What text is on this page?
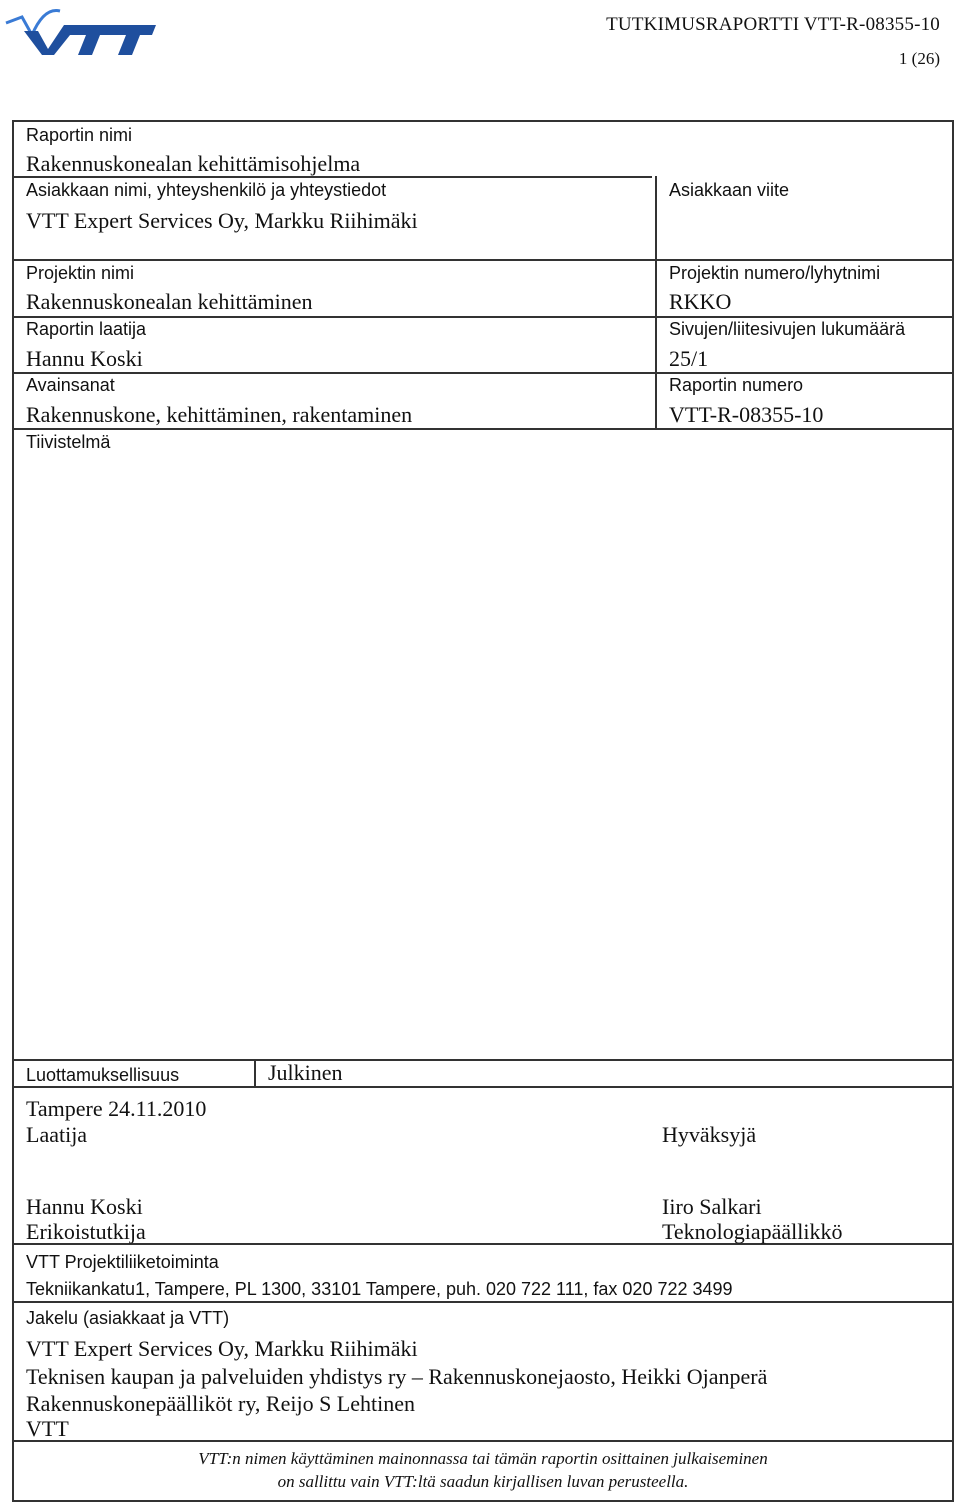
TUTKIMUSRAPORTTI VTT-R-08355-10
1 (26)
Raportin nimi
Rakennuskonealan kehittämisohjelma
Asiakkaan nimi, yhteyshenkilö ja yhteystiedot
VTT Expert Services Oy, Markku Riihimäki
Asiakkaan viite
Projektin nimi
Rakennuskonealan kehittäminen
Projektin numero/lyhytnimi
RKKO
Raportin laatija
Hannu Koski
Sivujen/liitesivujen lukumäärä
25/1
Avainsanat
Rakennuskone, kehittäminen, rakentaminen
Raportin numero
VTT-R-08355-10
Tiivistelmä
Luottamuksellisuus	Julkinen
Tampere 24.11.2010
Laatija	Hyväksyjä
Hannu Koski
Erikoistutkija
Iiro Salkari
Teknologiapäällikkö
VTT Projektiliiketoiminta
Tekniikankatu1, Tampere, PL 1300, 33101 Tampere, puh. 020 722 111, fax 020 722 3499
Jakelu (asiakkaat ja VTT)
VTT Expert Services Oy, Markku Riihimäki
Teknisen kaupan ja palveluiden yhdistys ry – Rakennuskonejaosto, Heikki Ojanperä
Rakennuskonepäälliköt ry, Reijo S Lehtinen
VTT
VTT:n nimen käyttäminen mainonnassa tai tämän raportin osittainen julkaiseminen
on sallittu vain VTT:ltä saadun kirjallisen luvan perusteella.
